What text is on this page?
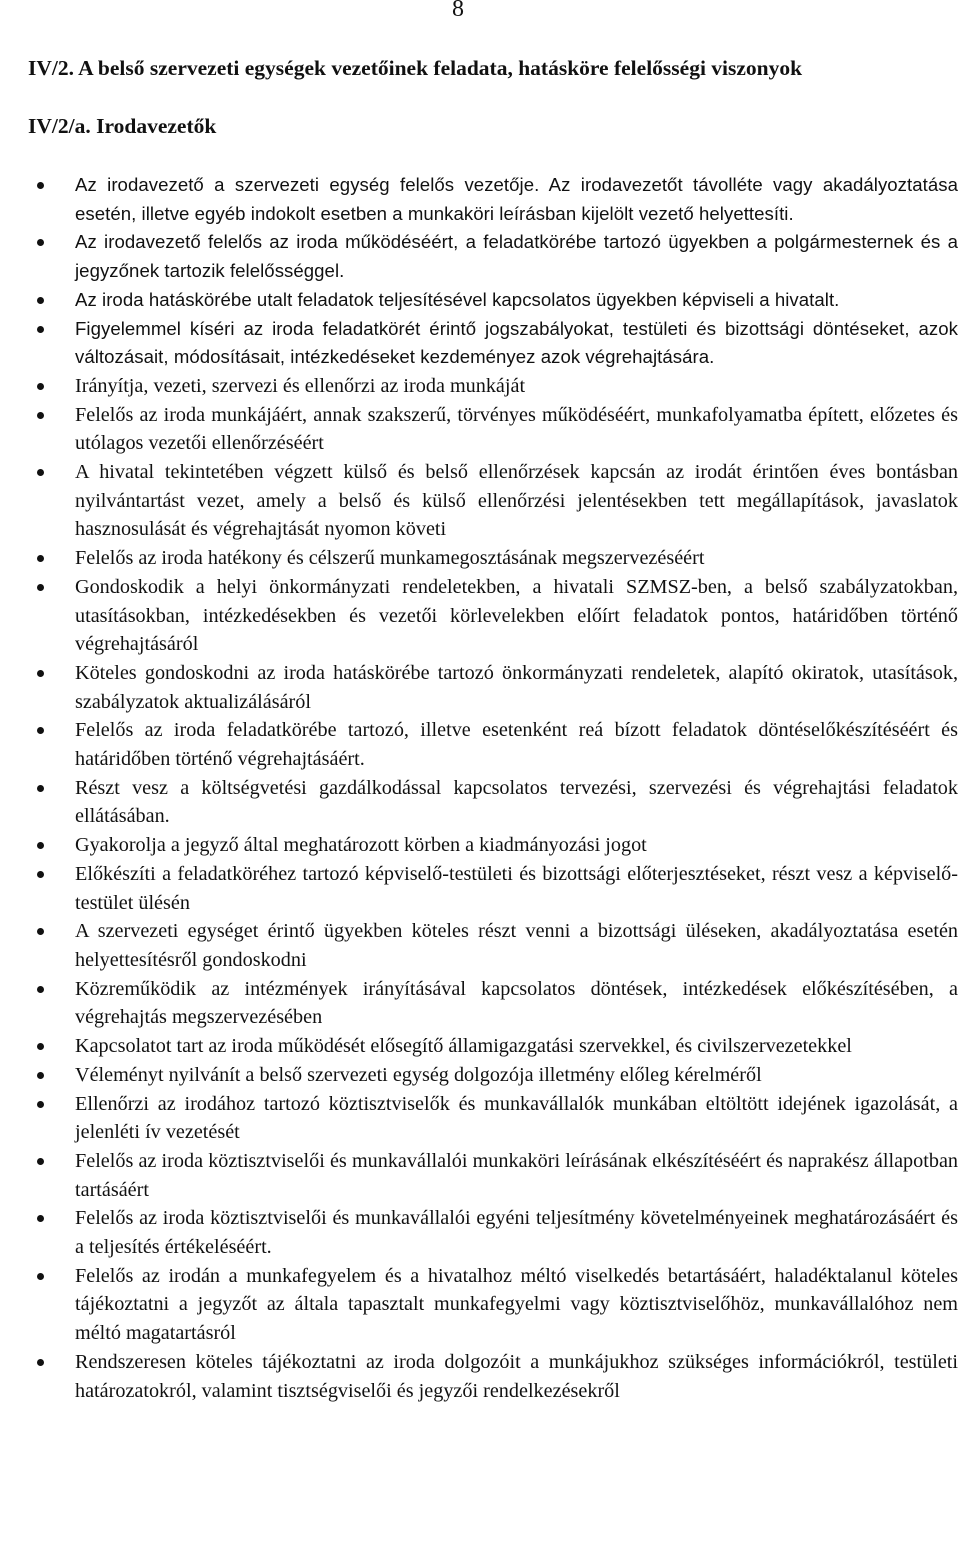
8
IV/2. A belső szervezeti egységek vezetőinek feladata, hatásköre felelősségi viszonyok
IV/2/a. Irodavezetők
Az irodavezető a szervezeti egység felelős vezetője. Az irodavezetőt távolléte vagy akadályoztatása esetén, illetve egyéb indokolt esetben a munkaköri leírásban kijelölt vezető helyettesíti.
Az irodavezető felelős az iroda működéséért, a feladatkörébe tartozó ügyekben a polgármesternek és a jegyzőnek tartozik felelősséggel.
Az iroda hatáskörébe utalt feladatok teljesítésével kapcsolatos ügyekben képviseli a hivatalt.
Figyelemmel kíséri az iroda feladatkörét érintő jogszabályokat, testületi és bizottsági döntéseket, azok változásait, módosításait, intézkedéseket kezdeményez azok végrehajtására.
Irányítja, vezeti, szervezi és ellenőrzi az iroda munkáját
Felelős az iroda munkájáért, annak szakszerű, törvényes működéséért, munkafolyamatba épített, előzetes és utólagos vezetői ellenőrzéséért
A hivatal tekintetében végzett külső és belső ellenőrzések kapcsán az irodát érintően éves bontásban nyilvántartást vezet, amely a belső és külső ellenőrzési jelentésekben tett megállapítások, javaslatok hasznosulását és végrehajtását nyomon követi
Felelős az iroda hatékony és célszerű munkamegosztásának megszervezéséért
Gondoskodik a helyi önkormányzati rendeletekben, a hivatali SZMSZ-ben, a belső szabályzatokban, utasításokban, intézkedésekben és vezetői körlevelekben előírt feladatok pontos, határidőben történő végrehajtásáról
Köteles gondoskodni az iroda hatáskörébe tartozó önkormányzati rendeletek, alapító okiratok, utasítások, szabályzatok aktualizálásáról
Felelős az iroda feladatkörébe tartozó, illetve esetenként reá bízott feladatok döntéselőkészítéséért és határidőben történő végrehajtásáért.
Részt vesz a költségvetési gazdálkodással kapcsolatos tervezési, szervezési és végrehajtási feladatok ellátásában.
Gyakorolja a jegyző által meghatározott körben a kiadmányozási jogot
Előkészíti a feladatköréhez tartozó képviselő-testületi és bizottsági előterjesztéseket, részt vesz a képviselő-testület ülésén
A szervezeti egységet érintő ügyekben köteles részt venni a bizottsági üléseken, akadályoztatása esetén helyettesítésről gondoskodni
Közreműködik az intézmények irányításával kapcsolatos döntések, intézkedések előkészítésében, a végrehajtás megszervezésében
Kapcsolatot tart az iroda működését elősegítő államigazgatási szervekkel, és civilszervezetekkel
Véleményt nyilvánít a belső szervezeti egység dolgozója illetmény előleg kérelméről
Ellenőrzi az irodához tartozó köztisztviselők és munkavállalók munkában eltöltött idejének igazolását, a jelenléti ív vezetését
Felelős az iroda köztisztviselői és munkavállalói munkaköri leírásának elkészítéséért és naprakész állapotban tartásáért
Felelős az iroda köztisztviselői és munkavállalói egyéni teljesítmény követelményeinek meghatározásáért és a teljesítés értékeléséért.
Felelős az irodán a munkafegyelem és a hivatalhoz méltó viselkedés betartásáért, haladéktalanul köteles tájékoztatni a jegyzőt az általa tapasztalt munkafegyelmi vagy köztisztviselőhöz, munkavállalóhoz nem méltó magatartásról
Rendszeresen köteles tájékoztatni az iroda dolgozóit a munkájukhoz szükséges információkról, testületi határozatokról, valamint tisztségviselői és jegyzői rendelkezésekről
